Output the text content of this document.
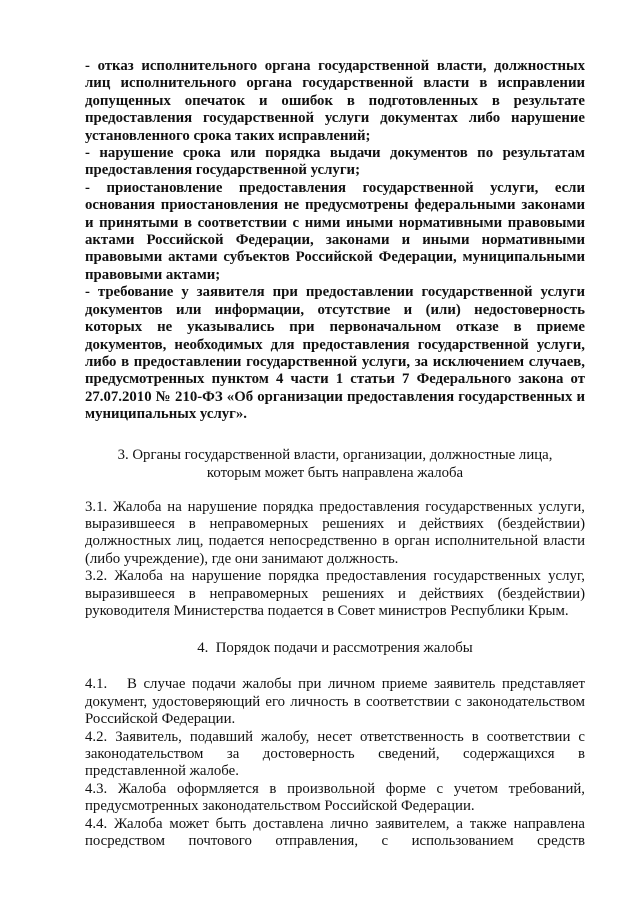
- отказ исполнительного органа государственной власти, должностных лиц исполнительного органа государственной власти в исправлении допущенных опечаток и ошибок в подготовленных в результате предоставления государственной услуги документах либо нарушение установленного срока таких исправлений;

- нарушение срока или порядка выдачи документов по результатам предоставления государственной услуги;

- приостановление предоставления государственной услуги, если основания приостановления не предусмотрены федеральными законами и принятыми в соответствии с ними иными нормативными правовыми актами Российской Федерации, законами и иными нормативными правовыми актами субъектов Российской Федерации, муниципальными правовыми актами;

- требование у заявителя при предоставлении государственной услуги документов или информации, отсутствие и (или) недостоверность которых не указывались при первоначальном отказе в приеме документов, необходимых для предоставления государственной услуги, либо в предоставлении государственной услуги, за исключением случаев, предусмотренных пунктом 4 части 1 статьи 7 Федерального закона от 27.07.2010 № 210-ФЗ «Об организации предоставления государственных и муниципальных услуг».

3. Органы государственной власти, организации, должностные лица,

которым может быть направлена жалоба

3.1. Жалоба на нарушение порядка предоставления государственных услуги, выразившееся в неправомерных решениях и действиях (бездействии) должностных лиц, подается непосредственно в орган исполнительной власти (либо учреждение), где они занимают должность.

3.2. Жалоба на нарушение порядка предоставления государственных услуг, выразившееся в неправомерных решениях и действиях (бездействии) руководителя Министерства подается в Совет министров Республики Крым.

4.  Порядок подачи и рассмотрения жалобы

4.1.   В случае подачи жалобы при личном приеме заявитель представляет документ, удостоверяющий его личность в соответствии с законодательством Российской Федерации.

4.2. Заявитель, подавший жалобу, несет ответственность в соответствии с законодательством за достоверность сведений, содержащихся в представленной жалобе.

4.3. Жалоба оформляется в произвольной форме с учетом требований, предусмотренных законодательством Российской Федерации.

4.4. Жалоба может быть доставлена лично заявителем, а также направлена посредством почтового отправления, с использованием средств
